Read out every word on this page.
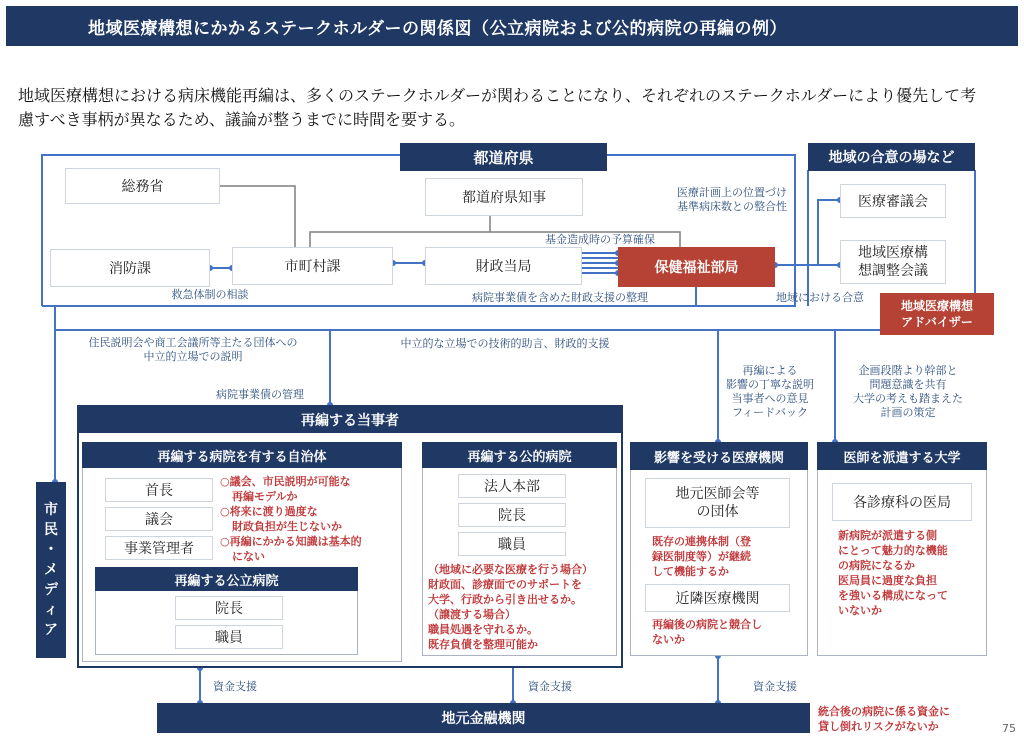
地域医療構想にかかるステークホルダーの関係図（公立病院および公的病院の再編の例）
地域医療構想における病床機能再編は、多くのステークホルダーが関わることになり、それぞれのステークホルダーにより優先して考
慮すべき事柄が異なるため、議論が整うまでに時間を要する。
都道府県
総務省
都道府県知事
消防課	市町村課	財政当局	保健福祉部局
基金造成時の予算確保
救急体制の相談	病院事業債を含めた財政支援の整理
医療計画上の位置づけ
基準病床数との整合性
地域の合意の場など
医療審議会
地域医療構
想調整会議
地域における合意
地域医療構想
アドバイザー
住民説明会や商工会議所等主たる団体への
中立的立場での説明
中立的な立場での技術的助言、財政的支援
病院事業債の管理
再編による
影響の丁寧な説明
当事者への意見
フィードバック
企画段階より幹部と
問題意識を共有
大学の考えも踏まえた
計画の策定
市
民
・
メ
デ
ィ
ア
再編する当事者
再編する病院を有する自治体
首長
議会
事業管理者
○議会、市民説明が可能な
再編モデルか
○将来に渡り過度な
財政負担が生じないか
○再編にかかる知識は基本的
にない
再編する公立病院
院長
職員
再編する公的病院
法人本部
院長
職員
（地域に必要な医療を行う場合）
財政面、診療面でのサポートを
大学、行政から引き出せるか。
（譲渡する場合）
職員処遇を守れるか。
既存負債を整理可能か
影響を受ける医療機関
地元医師会等
の団体
既存の連携体制（登
録医制度等）が継続
して機能するか
近隣医療機関
再編後の病院と競合し
ないか
医師を派遣する大学
各診療科の医局
新病院が派遣する側
にとって魅力的な機能
の病院になるか
医局員に過度な負担
を強いる構成になって
いないか
資金支援	資金支援	資金支援
地元金融機関	統合後の病院に係る資金に
貸し倒れリスクがないか	75
